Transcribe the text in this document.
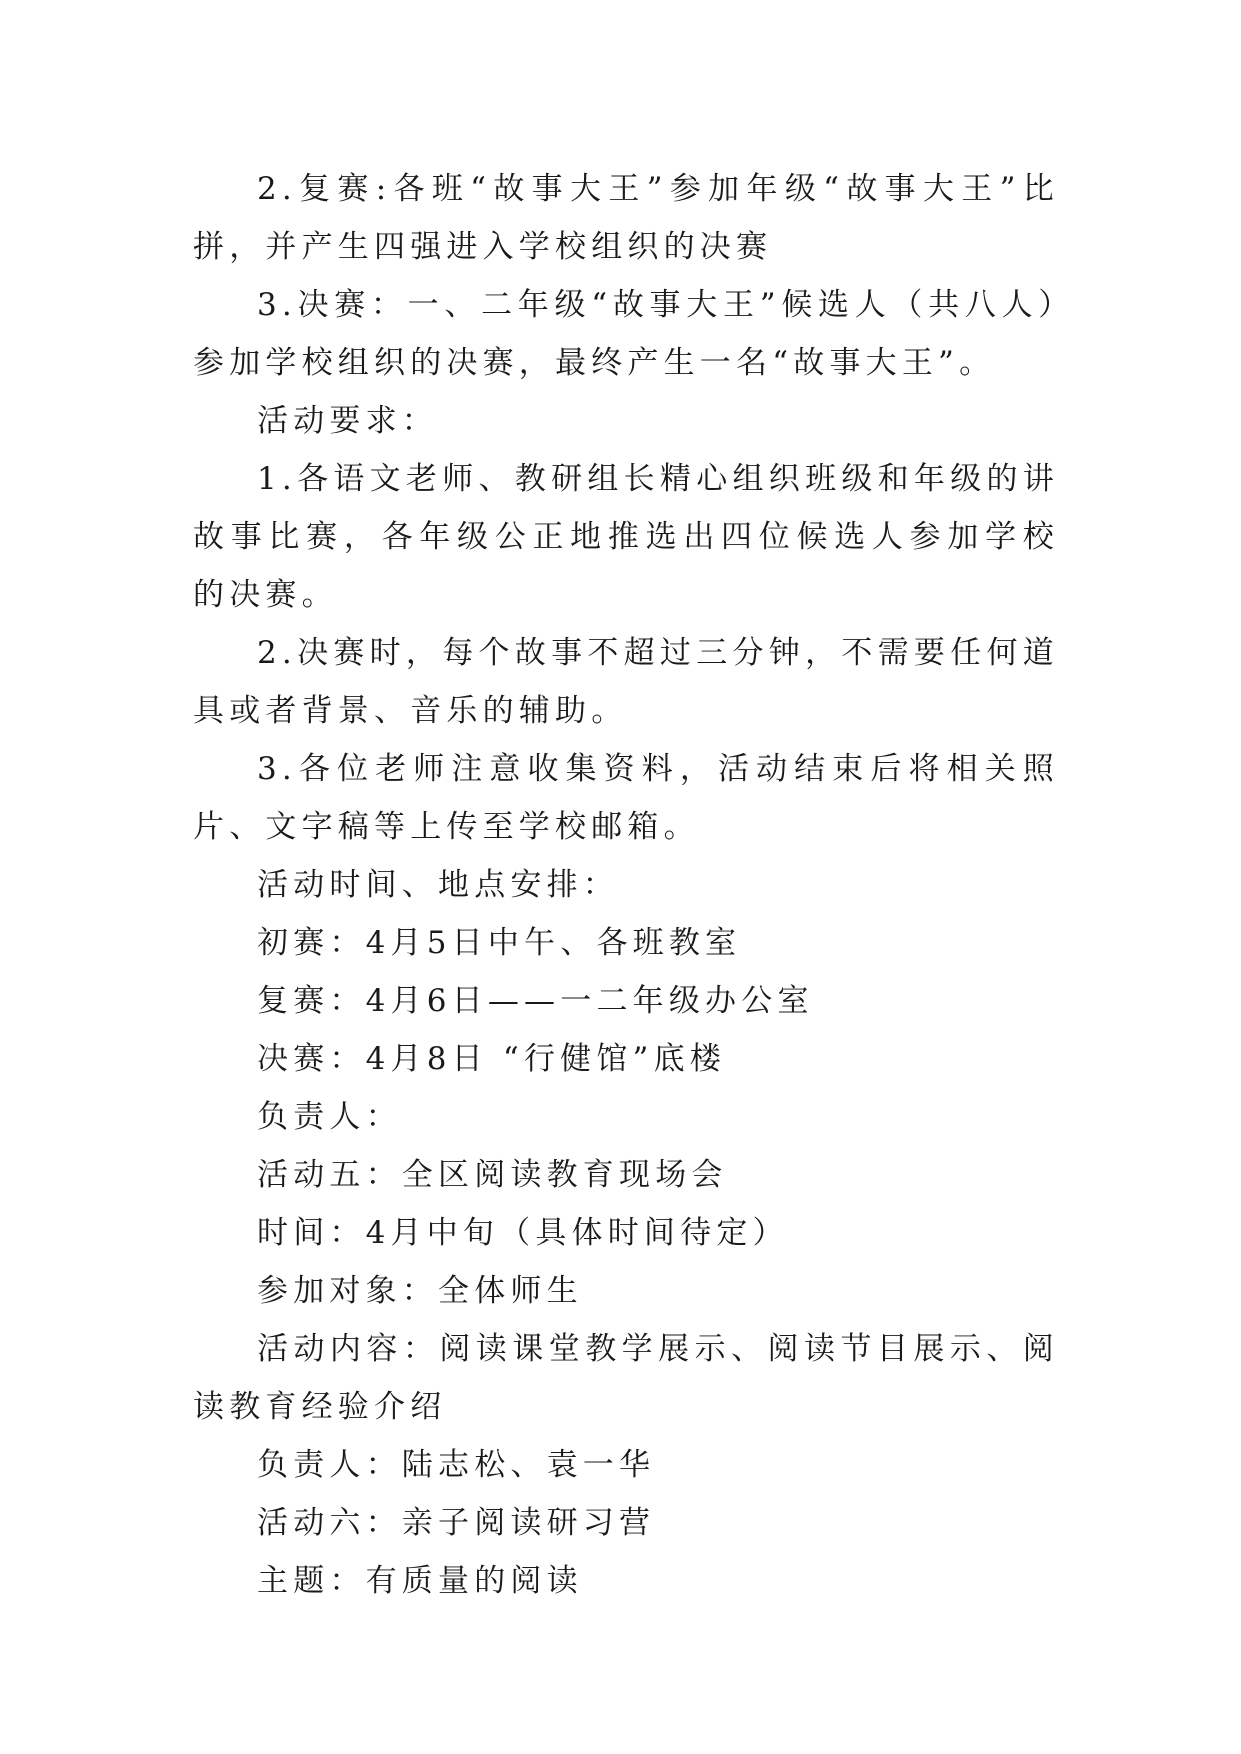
2.复赛:各班“故事大王”参加年级“故事大王”比拼，并产生四强进入学校组织的决赛

3.决赛：一、二年级“故事大王”候选人（共八人）参加学校组织的决赛，最终产生一名“故事大王”。

活动要求：

1.各语文老师、教研组长精心组织班级和年级的讲故事比赛，各年级公正地推选出四位候选人参加学校的决赛。

2.决赛时，每个故事不超过三分钟，不需要任何道具或者背景、音乐的辅助。

3.各位老师注意收集资料，活动结束后将相关照片、文字稿等上传至学校邮箱。

活动时间、地点安排：

初赛：4月5日中午、各班教室

复赛：4月6日——一二年级办公室

决赛：4月8日 “行健馆”底楼

负责人：

活动五：全区阅读教育现场会

时间：4月中旬（具体时间待定）

参加对象：全体师生

活动内容：阅读课堂教学展示、阅读节目展示、阅读教育经验介绍

负责人：陆志松、袁一华

活动六：亲子阅读研习营

主题：有质量的阅读
